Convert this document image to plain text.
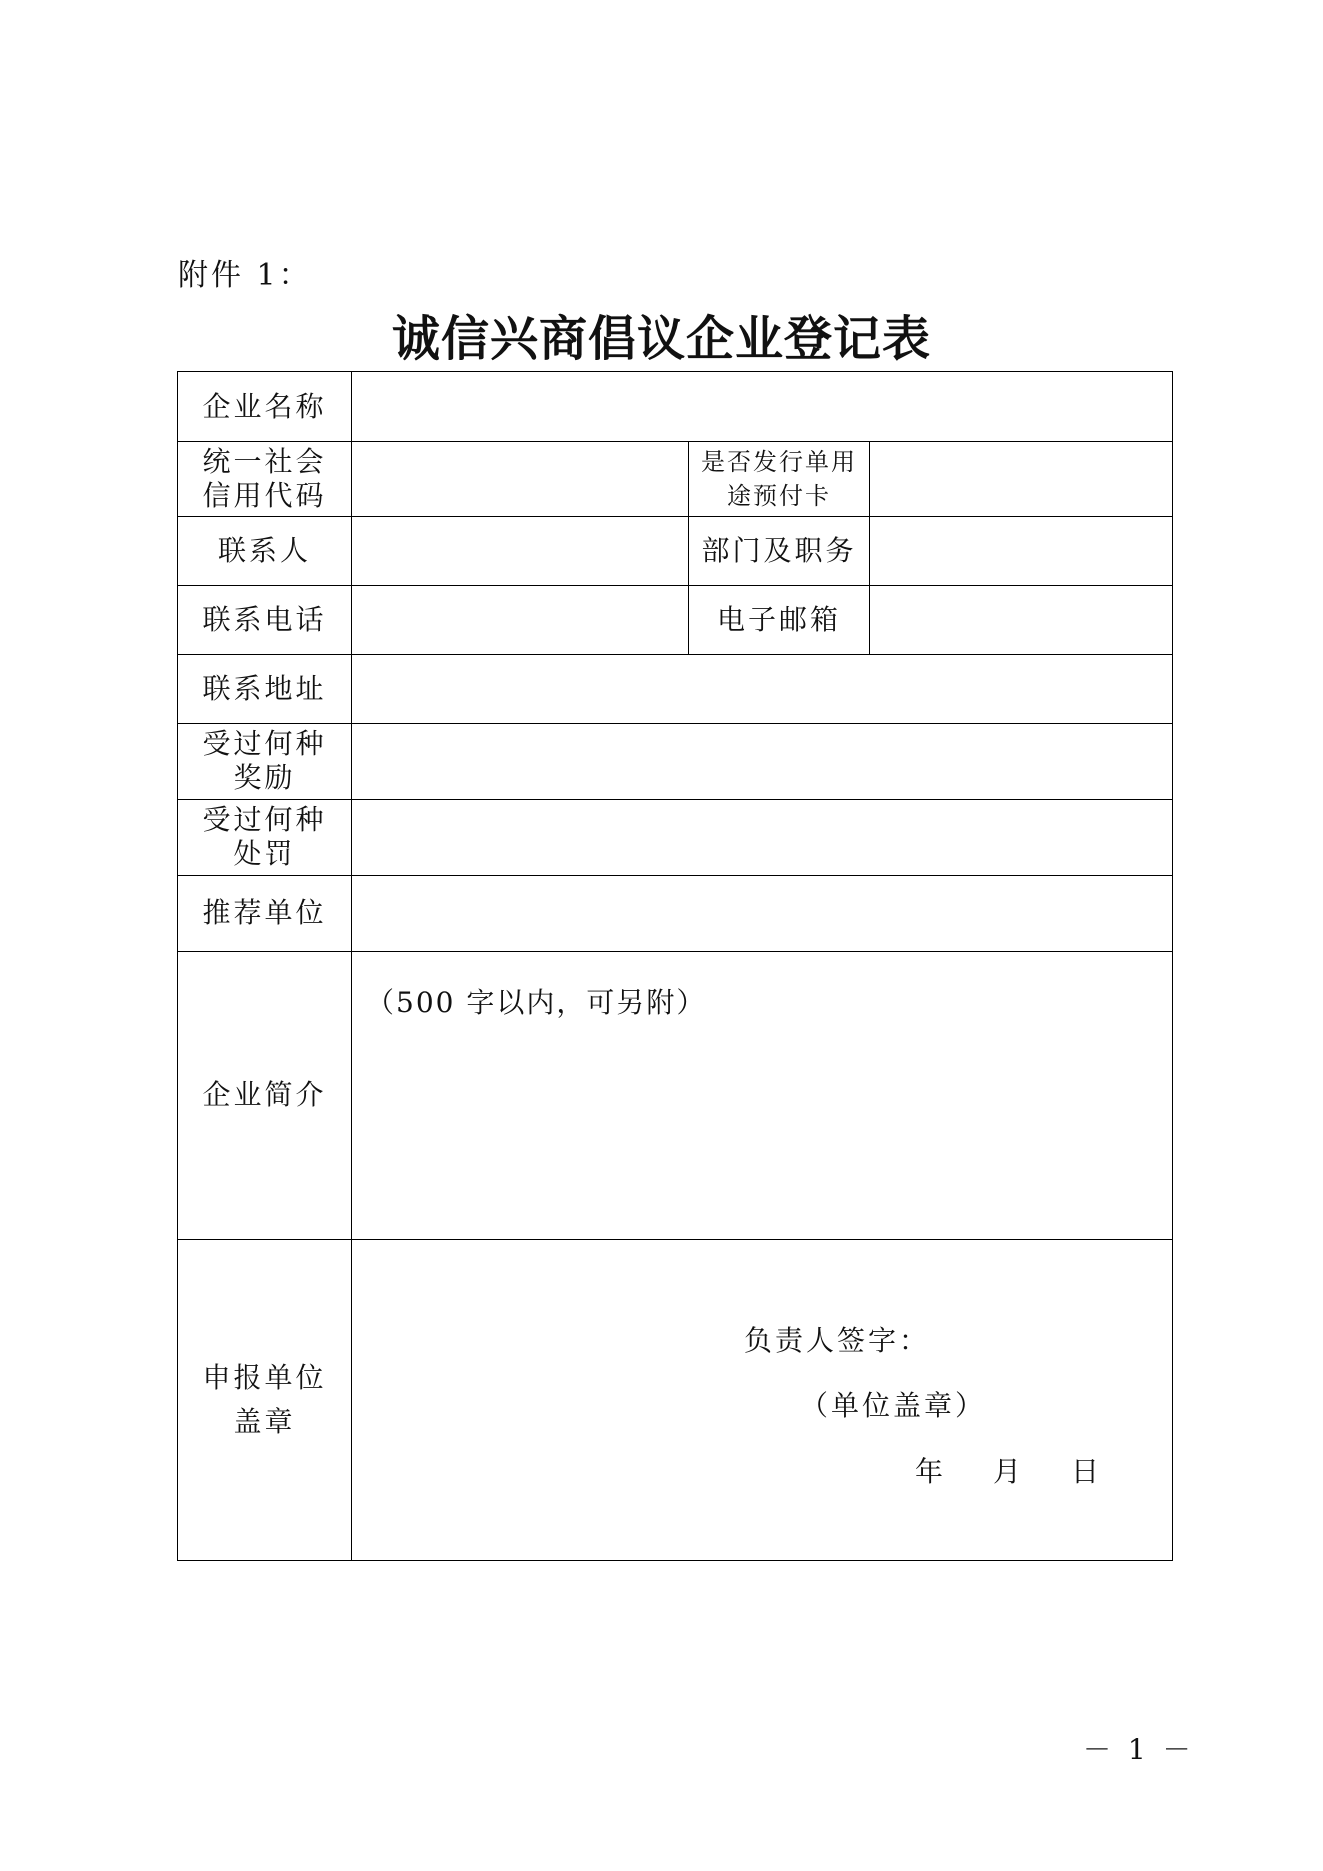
附件 1：
诚信兴商倡议企业登记表
企业名称
统一社会
信用代码
是否发行单用
途预付卡
联系人	部门及职务
联系电话	电子邮箱
联系地址
受过何种
奖励
受过何种
处罚
推荐单位
企业简介
（500 字以内，可另附）
申报单位
盖章
负责人签字：
（单位盖章）
年 月 日
－ 1 －
